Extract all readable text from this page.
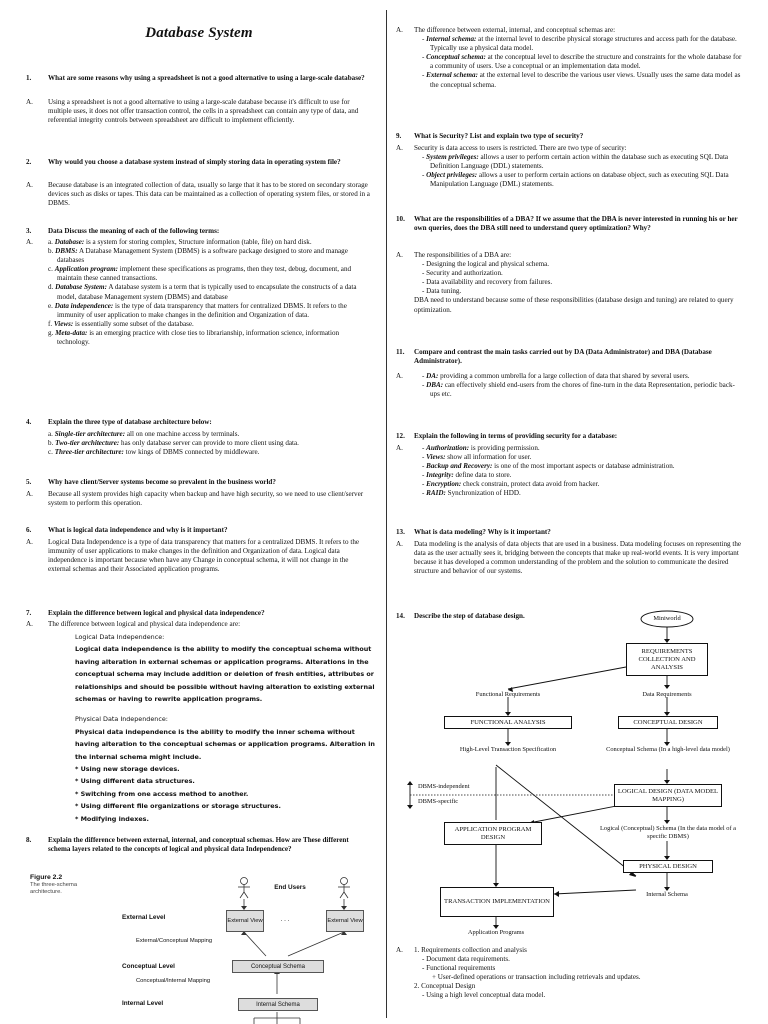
Database System
1. What are some reasons why using a spreadsheet is not a good alternative to using a large-scale database?
A. Using a spreadsheet is not a good alternative to using a large-scale database because it's difficult to use for multiple uses, it does not offer transaction control, the cells in a spreadsheet can contain any type of data, and referential integrity controls between spreadsheet are difficult to implement efficiently.
2. Why would you choose a database system instead of simply storing data in operating system file?
A. Because database is an integrated collection of data, usually so large that it has to be stored on secondary storage devices such as disks or tapes. This data can be maintained as a collection of operating system files, or stored in a DBMS.
3. Data Discuss the meaning of each of the following terms:
A. a. Database: is a system for storing complex, Structure information (table, file) on hard disk.
b. DBMS: A Database Management System (DBMS) is a software package designed to store and manage databases
c. Application program: implement these specifications as programs, then they test, debug, document, and maintain these canned transactions.
d. Database System: A database system is a term that is typically used to encapsulate the constructs of a data model, database Management system (DBMS) and database
e. Data independence: is the type of data transparency that matters for centralized DBMS. It refers to the immunity of user application to make changes in the definition and Organization of data.
f. Views: is essentially some subset of the database.
g. Meta-data: is an emerging practice with close ties to librarianship, information science, information technology.
4. Explain the three type of database architecture below:
a. Single-tier architecture: all on one machine access by terminals.
b. Two-tier architecture: has only database server can provide to more client using data.
c. Three-tier architecture: tow kings of DBMS connected by middleware.
5. Why have client/Server systems become so prevalent in the business world?
A. Because all system provides high capacity when backup and have high security, so we need to use client/server system to perform this operation.
6. What is logical data independence and why is it important?
A. Logical Data Independence is a type of data transparency that matters for a centralized DBMS. It refers to the immunity of user applications to make changes in the definition and Organization of data. Logical data independence is important because when have any Change in conceptual schema, it will not change in the external schemas and their Associated application programs.
7. Explain the difference between logical and physical data independence?
A. The difference between logical and physical data independence are:
Logical Data Independence:

Logical data independence is the ability to modify the conceptual schema without having alteration in external schemas or application programs. Alterations in the conceptual schema may include addition or deletion of fresh entities, attributes or relationships and should be possible without having alteration to existing external schemas or having to rewrite application programs.

Physical Data Independence:

Physical data independence is the ability to modify the inner schema without having alteration to the conceptual schemas or application programs. Alteration in the internal schema might include.

* Using new storage devices.

* Using different data structures.

* Switching from one access method to another.

* Using different file organizations or storage structures.

* Modifying indexes.

8. Explain the difference between external, internal, and conceptual schemas. How are These different schema layers related to the concepts of logical and physical data Independence?
Figure 2.2
The three-schema architecture.
End Users
External Level	External View	. . .	External View
External/Conceptual Mapping
Conceptual Level	Conceptual Schema
Conceptual/Internal Mapping
Internal Level	Internal Schema
A. The difference between external, internal, and conceptual schemas are:
- Internal schema: at the internal level to describe physical storage structures and access path for the database. Typically use a physical data model.
- Conceptual schema: at the conceptual level to describe the structure and constraints for the whole database for a community of users. Use a conceptual or an implementation data model.
- External schema: at the external level to describe the various user views. Usually uses the same data model as the conceptual schema.
9. What is Security? List and explain two type of security?
A. Security is data access to users is restricted. There are two type of security:
- System privileges: allows a user to perform certain action within the database such as executing SQL Data Definition Language (DDL) statements.
- Object privileges: allows a user to perform certain actions on database object, such as executing SQL Data Manipulation Language (DML) statements.
10. What are the responsibilities of a DBA? If we assume that the DBA is never interested in running his or her own queries, does the DBA still need to understand query optimization? Why?
A. The responsibilities of a DBA are:
- Designing the logical and physical schema.
- Security and authorization.
- Data availability and recovery from failures.
- Data tuning.
DBA need to understand because some of these responsibilities (database design and tuning) are related to query optimization.
11. Compare and contrast the main tasks carried out by DA (Data Administrator) and DBA (Database Administrator).
A.	- DA: providing a common umbrella for a large collection of data that shared by several users.
- DBA: can effectively shield end-users from the chores of fine-turn in the data Representation, periodic back-ups etc.
12. Explain the following in terms of providing security for a database:
A.	- Authorization: is providing permission.
- Views: show all information for user.
- Backup and Recovery: is one of the most important aspects or database administration.
- Integrity: define data to store.
- Encryption: check constrain, protect data avoid from hacker.
- RAID: Synchronization of HDD.
13. What is data modeling? Why is it important?
A. Data modeling is the analysis of data objects that are used in a business. Data modeling focuses on representing the data as the user actually sees it, bridging between the concepts that make up real-world events. It is very important because it has developed a common understanding of the problem and the solution to communicate the desired structure and behavior of our systems.
14. Describe the step of database design.	Miniworld
REQUIREMENTS COLLECTION AND ANALYSIS
Functional Requirements	Data Requirements
FUNCTIONAL ANALYSIS	CONCEPTUAL DESIGN
High-Level Transaction Specification	Conceptual Schema (In a high-level data model)
DBMS-independent
DBMS-specific
LOGICAL DESIGN (DATA MODEL MAPPING)
APPLICATION PROGRAM DESIGN
Logical (Conceptual) Schema (In the data model of a specific DBMS)
PHYSICAL DESIGN
TRANSACTION IMPLEMENTATION
Internal Schema
Application Programs
A. 1. Requirements collection and analysis
- Document data requirements.
- Functional requirements
+ User-defined operations or transaction including retrievals and updates.
2. Conceptual Design
- Using a high level conceptual data model.
